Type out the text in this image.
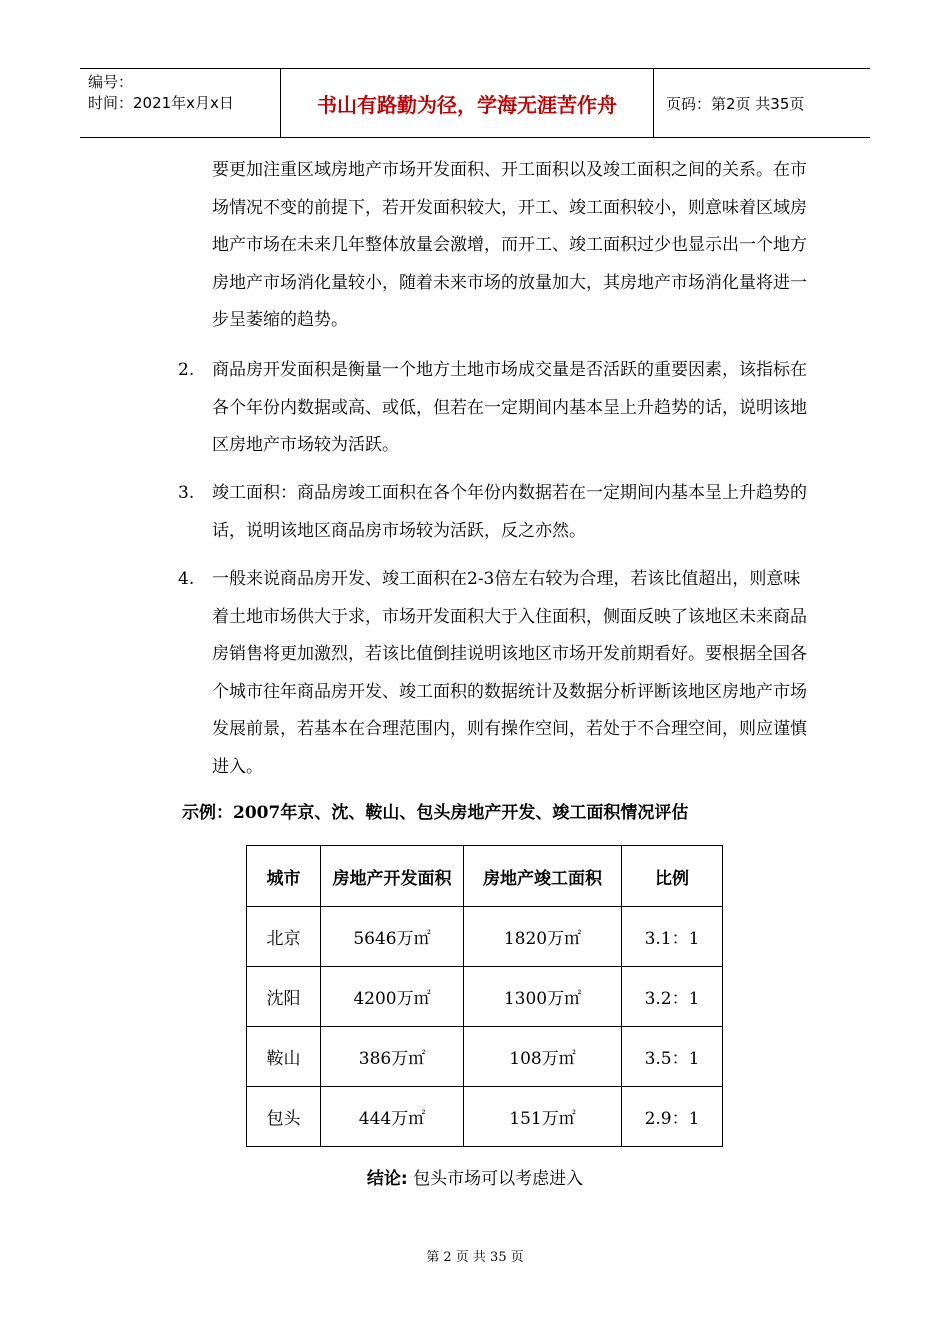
编号：
时间：2021年x月x日	书山有路勤为径，学海无涯苦作舟	页码：第2页 共35页

要更加注重区域房地产市场开发面积、开工面积以及竣工面积之间的关系。在市场情况不变的前提下，若开发面积较大，开工、竣工面积较小，则意味着区域房地产市场在未来几年整体放量会激增，而开工、竣工面积过少也显示出一个地方房地产市场消化量较小，随着未来市场的放量加大，其房地产市场消化量将进一步呈萎缩的趋势。

2. 商品房开发面积是衡量一个地方土地市场成交量是否活跃的重要因素，该指标在各个年份内数据或高、或低，但若在一定期间内基本呈上升趋势的话，说明该地区房地产市场较为活跃。

3. 竣工面积：商品房竣工面积在各个年份内数据若在一定期间内基本呈上升趋势的话，说明该地区商品房市场较为活跃，反之亦然。

4. 一般来说商品房开发、竣工面积在2-3倍左右较为合理，若该比值超出，则意味着土地市场供大于求，市场开发面积大于入住面积，侧面反映了该地区未来商品房销售将更加激烈，若该比值倒挂说明该地区市场开发前期看好。要根据全国各个城市往年商品房开发、竣工面积的数据统计及数据分析评断该地区房地产市场发展前景，若基本在合理范围内，则有操作空间，若处于不合理空间，则应谨慎进入。

示例：2007年京、沈、鞍山、包头房地产开发、竣工面积情况评估
城市	房地产开发面积	房地产竣工面积	比例
北京	5646万㎡	1820万㎡	3.1：1
沈阳	4200万㎡	1300万㎡	3.2：1
鞍山	386万㎡	108万㎡	3.5：1
包头	444万㎡	151万㎡	2.9：1
结论: 包头市场可以考虑进入
第 2 页 共 35 页
